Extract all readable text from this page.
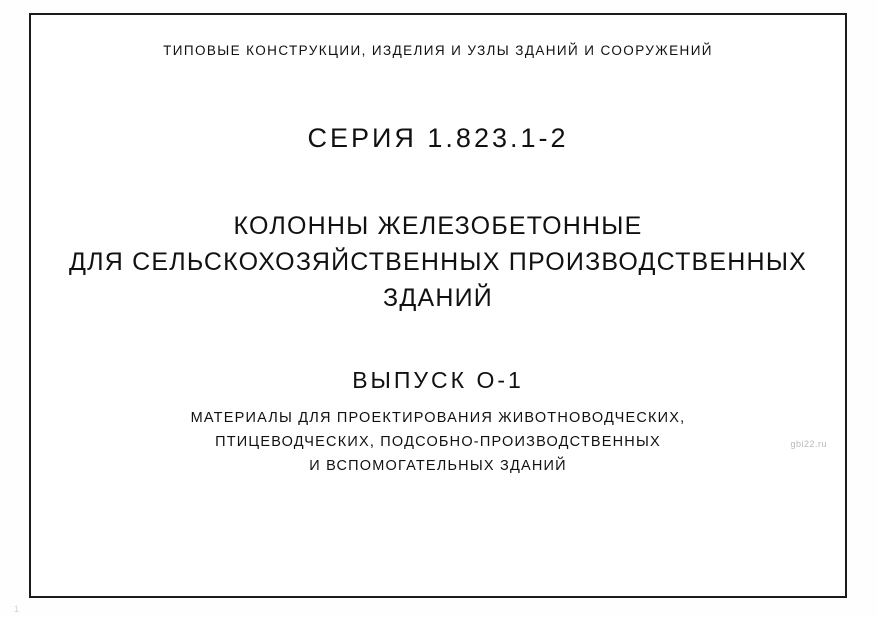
ТИПОВЫЕ КОНСТРУКЦИИ, ИЗДЕЛИЯ И УЗЛЫ ЗДАНИЙ И СООРУЖЕНИЙ
СЕРИЯ 1.823.1-2
КОЛОННЫ ЖЕЛЕЗОБЕТОННЫЕ
ДЛЯ СЕЛЬСКОХОЗЯЙСТВЕННЫХ ПРОИЗВОДСТВЕННЫХ
ЗДАНИЙ
ВЫПУСК О-1
МАТЕРИАЛЫ ДЛЯ ПРОЕКТИРОВАНИЯ ЖИВОТНОВОДЧЕСКИХ,
ПТИЦЕВОДЧЕСКИХ, ПОДСОБНО-ПРОИЗВОДСТВЕННЫХ
И ВСПОМОГАТЕЛЬНЫХ ЗДАНИЙ
gbi22.ru
1
